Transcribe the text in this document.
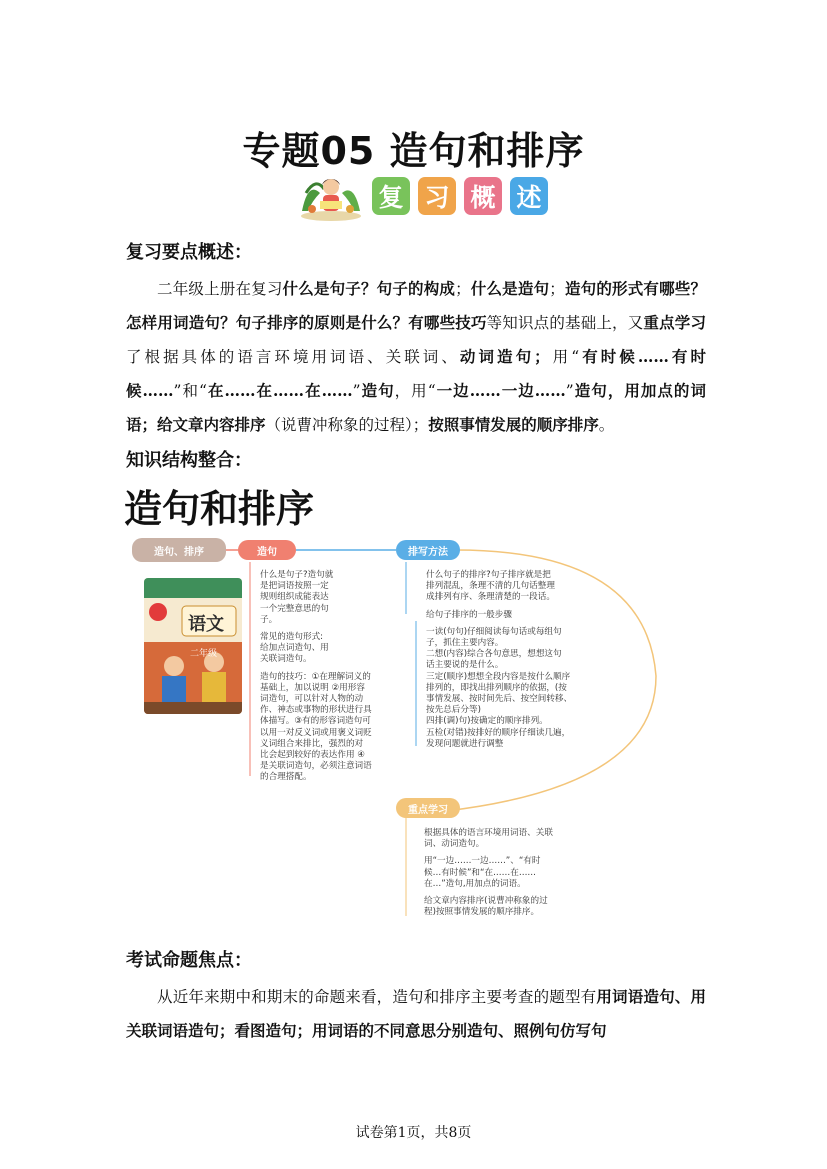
专题05 造句和排序
复 习 概 述
复习要点概述：

二年级上册在复习什么是句子？句子的构成；什么是造句；造句的形式有哪些？怎样用词造句？句子排序的原则是什么？有哪些技巧等知识点的基础上，又重点学习了根据具体的语言环境用词语、关联词、动词造句；用“有时候……有时候……”和“在……在……在……”造句，用“一边……一边……”造句，用加点的词语；给文章内容排序（说曹冲称象的过程）；按照事情发展的顺序排序。

知识结构整合：
造句和排序
造句、排序	造句	排写方法
重点学习
语文
二年级

什么是句子?造句就

是把词语按照一定

规则组织成能表达

一个完整意思的句

子。

常见的造句形式:

给加点词造句、用

关联词造句。

造句的技巧：①在理解词义的

基础上，加以说明 ②用形容

词造句，可以针对人物的动

作、神态或事物的形状进行具

体描写。③有的形容词造句可

以用一对反义词或用褒义词贬

义词组合来排比，强烈的对

比会起到较好的表达作用 ④

是关联词造句，必须注意词语

的合理搭配。

什么句子的排序?句子排序就是把

排列混乱，条理不清的几句话整理

成排列有序、条理清楚的一段话。

给句子排序的一般步骤

一读(句句)仔细阅读每句话或每组句

子，抓住主要内容。

二想(内容)综合各句意思，想想这句

话主要说的是什么。

三定(顺序)想想全段内容是按什么顺序

排列的，即找出排列顺序的依据，(按

事情发展、按时间先后、按空间转移、

按先总后分等)

四排(调)句)按确定的顺序排列。

五检(对错)按排好的顺序仔细读几遍，

发现问题就进行调整

根据具体的语言环境用词语、关联

词、动词造句。

用“一边……一边……”、“有时

候…有时候”和“在……在……

在…”造句,用加点的词语。

给文章内容排序(说曹冲称象的过

程)按照事情发展的顺序排序。

考试命题焦点：

从近年来期中和期末的命题来看，造句和排序主要考查的题型有用词语造句、用关联词语造句；看图造句；用词语的不同意思分别造句、照例句仿写句

试卷第1页，共8页
